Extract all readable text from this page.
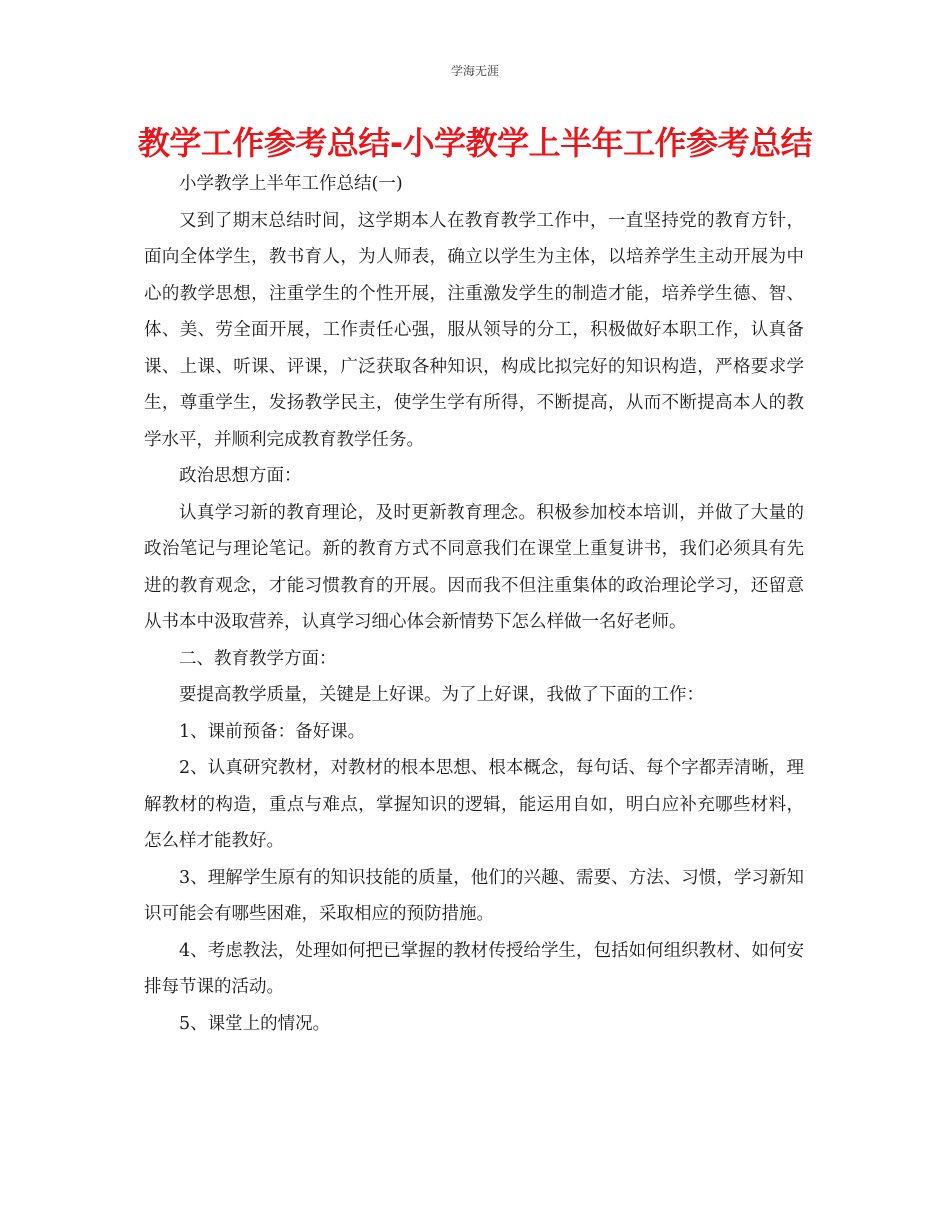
学海无涯
教学工作参考总结-小学教学上半年工作参考总结

小学教学上半年工作总结(一)

又到了期末总结时间，这学期本人在教育教学工作中，一直坚持党的教育方针，面向全体学生，教书育人，为人师表，确立以学生为主体，以培养学生主动开展为中心的教学思想，注重学生的个性开展，注重激发学生的制造才能，培养学生德、智、体、美、劳全面开展，工作责任心强，服从领导的分工，积极做好本职工作，认真备课、上课、听课、评课，广泛获取各种知识，构成比拟完好的知识构造，严格要求学生，尊重学生，发扬教学民主，使学生学有所得，不断提高，从而不断提高本人的教学水平，并顺利完成教育教学任务。

政治思想方面：

认真学习新的教育理论，及时更新教育理念。积极参加校本培训，并做了大量的政治笔记与理论笔记。新的教育方式不同意我们在课堂上重复讲书，我们必须具有先进的教育观念，才能习惯教育的开展。因而我不但注重集体的政治理论学习，还留意从书本中汲取营养，认真学习细心体会新情势下怎么样做一名好老师。

二、教育教学方面：

要提高教学质量，关键是上好课。为了上好课，我做了下面的工作：

1、课前预备：备好课。

2、认真研究教材，对教材的根本思想、根本概念，每句话、每个字都弄清晰，理解教材的构造，重点与难点，掌握知识的逻辑，能运用自如，明白应补充哪些材料，怎么样才能教好。

3、理解学生原有的知识技能的质量，他们的兴趣、需要、方法、习惯，学习新知识可能会有哪些困难，采取相应的预防措施。

4、考虑教法，处理如何把已掌握的教材传授给学生，包括如何组织教材、如何安排每节课的活动。

5、课堂上的情况。
